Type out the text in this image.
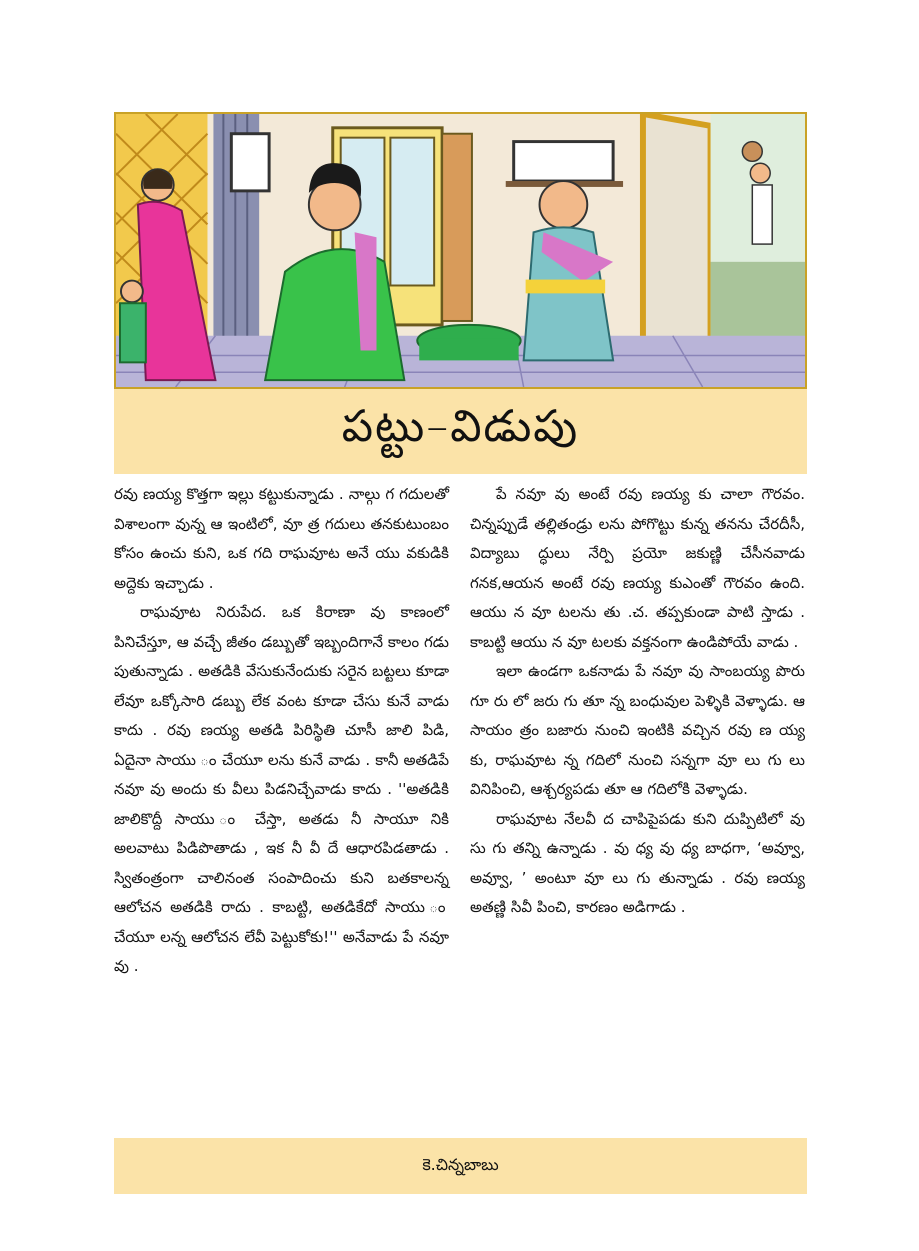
పట్టు–విడుపు

రవు ణయ్య కొత్తగా ఇల్లు కట్టుకున్నాడు . నాల్గు గ గదులతో విశాలంగా వున్న ఆ ఇంటిలో, వూ త్ర గదులు తనకుటుంబం కోసం ఉంచు కుని, ఒక గది రాఘవూట అనే యు వకుడికి అద్దెకు ఇచ్చాడు .

రాఘవూట నిరుపేద. ఒక కిరాణా వు కాణంలో పినిచేస్తూ, ఆ వచ్చే జీతం డబ్బుతో ఇబ్బందిగానే కాలం గడు పుతున్నాడు . అతడికి వేసుకునేందుకు సరైన బట్టలు కూడా లేవూ ఒక్కోసారి డబ్బు లేక వంట కూడా చేసు కునే వాడు కాదు . రవు ణయ్య అతడి పిరిస్థితి చూసీ జాలి పిడి, ఏదైనా సాయు ం చేయూ లను కునే వాడు . కానీ అతడిపే నవూ వు అందు కు వీలు పిడనిచ్చేవాడు కాదు . ''అతడికి జాలికొద్దీ సాయు ం చేస్తా, అతడు నీ సాయూ నికి అలవాటు పిడిపొతాడు , ఇక నీ వీ దే ఆధారపిడతాడు . స్వితంత్రంగా చాలినంత సంపాదించు కుని బతకాలన్న ఆలోచన అతడికి రాదు . కాబట్టి, అతడికేదో సాయు ం చేయూ లన్న ఆలోచన లేవీ పెట్టుకోకు!'' అనేవాడు పే నవూ వు .

పే నవూ వు అంటే రవు ణయ్య కు చాలా గౌరవం. చిన్నప్పుడే తల్లితండ్రు లను పోగొట్టు కున్న తనను చేరదీసీ, విద్యాబు ద్ధులు నేర్పి ప్రయో జకుణ్ణి చేసీనవాడు గనక,ఆయన అంటే రవు ణయ్య కుఎంతో గౌరవం ఉంది. ఆయు న వూ టలను తు .చ. తప్పకుండా పాటి స్తాడు . కాబట్టి ఆయు న వూ టలకు వక్తనంగా ఉండిపోయే వాడు .

ఇలా ఉండగా ఒకనాడు పే నవూ వు సాంబయ్య పొరు గూ రు లో జరు గు తూ న్న బంధువుల పెళ్ళికి వెళ్ళాడు. ఆ సాయం త్రం బజారు నుంచి ఇంటికి వచ్చిన రవు ణ య్య కు, రాఘవూట న్న గదిలో నుంచి సన్నగా వూ లు గు లు వినిపించి, ఆశ్చర్యపడు తూ ఆ గదిలోకి వెళ్ళాడు.

రాఘవూట నేలవీ ద చాపిపైపడు కుని దుప్పిటిలో వు సు గు తన్ని ఉన్నాడు . వు ధ్య వు ధ్య బాధగా, ‘అవ్వూ, అవ్వూ, ’ అంటూ వూ లు గు తున్నాడు . రవు ణయ్య అతణ్ణి సివీ పించి, కారణం అడిగాడు .

కె.చిన్నబాబు
